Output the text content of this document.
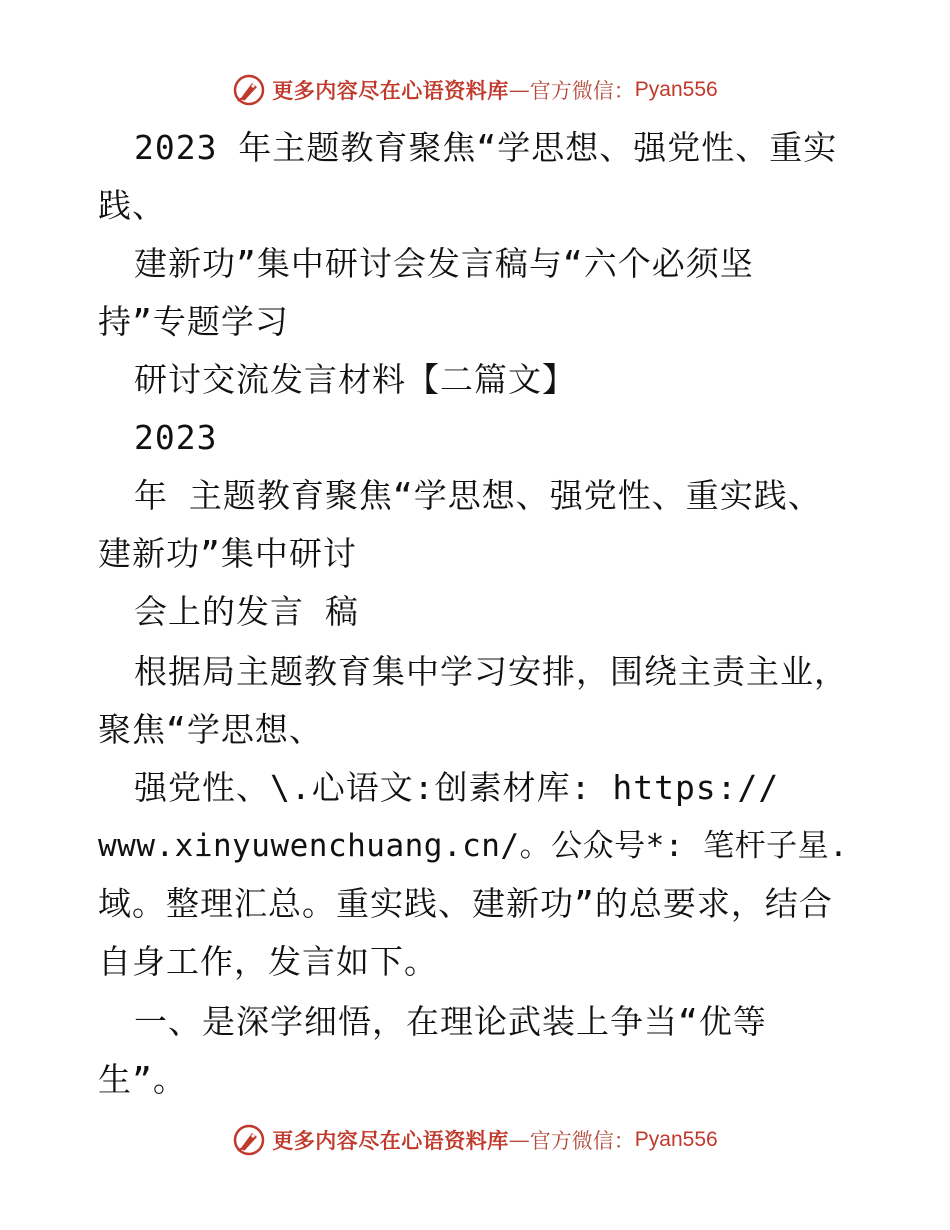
更多内容尽在心语资料库 — 官方微信： Pyan556
2023 年主题教育聚焦“学思想、强党性、重实
践、
建新功”集中研讨会发言稿与“六个必须坚
持”专题学习
研讨交流发言材料【二篇文】
2023
年 主题教育聚焦“学思想、强党性、重实践、
建新功”集中研讨
会上的发言 稿
根据局主题教育集中学习安排，围绕主责主业，
聚焦“学思想、
强党性、\.心语文:创素材库: https://
www.xinyuwenchuang.cn/。公众号*: 笔杆子星.
域。整理汇总。重实践、建新功”的总要求，结合
自身工作，发言如下。
一、是深学细悟，在理论武装上争当“优等
生”。
更多内容尽在心语资料库 — 官方微信： Pyan556
